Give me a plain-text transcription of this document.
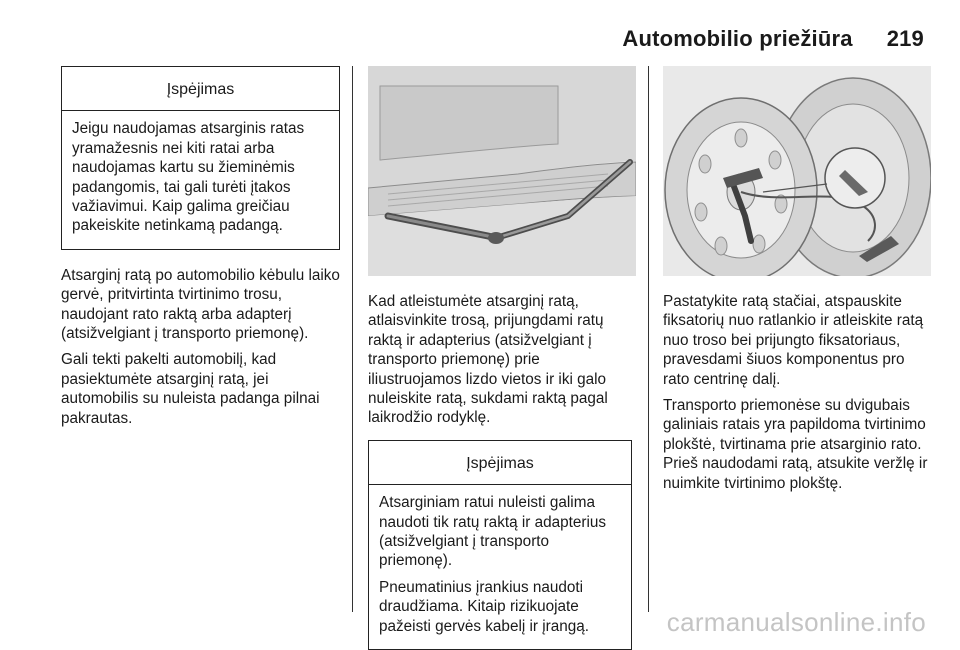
Automobilio priežiūra 219
Įspėjimas

Jeigu naudojamas atsarginis ratas yramažesnis nei kiti ratai arba naudojamas kartu su žieminėmis padangomis, tai gali turėti įtakos važiavimui. Kaip galima greičiau pakeiskite netinkamą padangą.

Atsarginį ratą po automobilio kėbulu laiko gervė, pritvirtinta tvirtinimo trosu, naudojant rato raktą arba adapterį (atsižvelgiant į transporto priemonę).

Gali tekti pakelti automobilį, kad pasiektumėte atsarginį ratą, jei automobilis su nuleista padanga pilnai pakrautas.

Kad atleistumėte atsarginį ratą, atlaisvinkite trosą, prijungdami ratų raktą ir adapterius (atsižvelgiant į transporto priemonę) prie iliustruojamos lizdo vietos ir iki galo nuleiskite ratą, sukdami raktą pagal laikrodžio rodyklę.

Įspėjimas

Atsarginiam ratui nuleisti galima naudoti tik ratų raktą ir adapterius (atsižvelgiant į transporto priemonę).

Pneumatinius įrankius naudoti draudžiama. Kitaip rizikuojate pažeisti gervės kabelį ir įrangą.

Pastatykite ratą stačiai, atspauskite fiksatorių nuo ratlankio ir atleiskite ratą nuo troso bei prijungto fiksatoriaus, pravesdami šiuos komponentus pro rato centrinę dalį.

Transporto priemonėse su dvigubais galiniais ratais yra papildoma tvirtinimo plokštė, tvirtinama prie atsarginio rato. Prieš naudodami ratą, atsukite veržlę ir nuimkite tvirtinimo plokštę.

carmanualsonline.info
